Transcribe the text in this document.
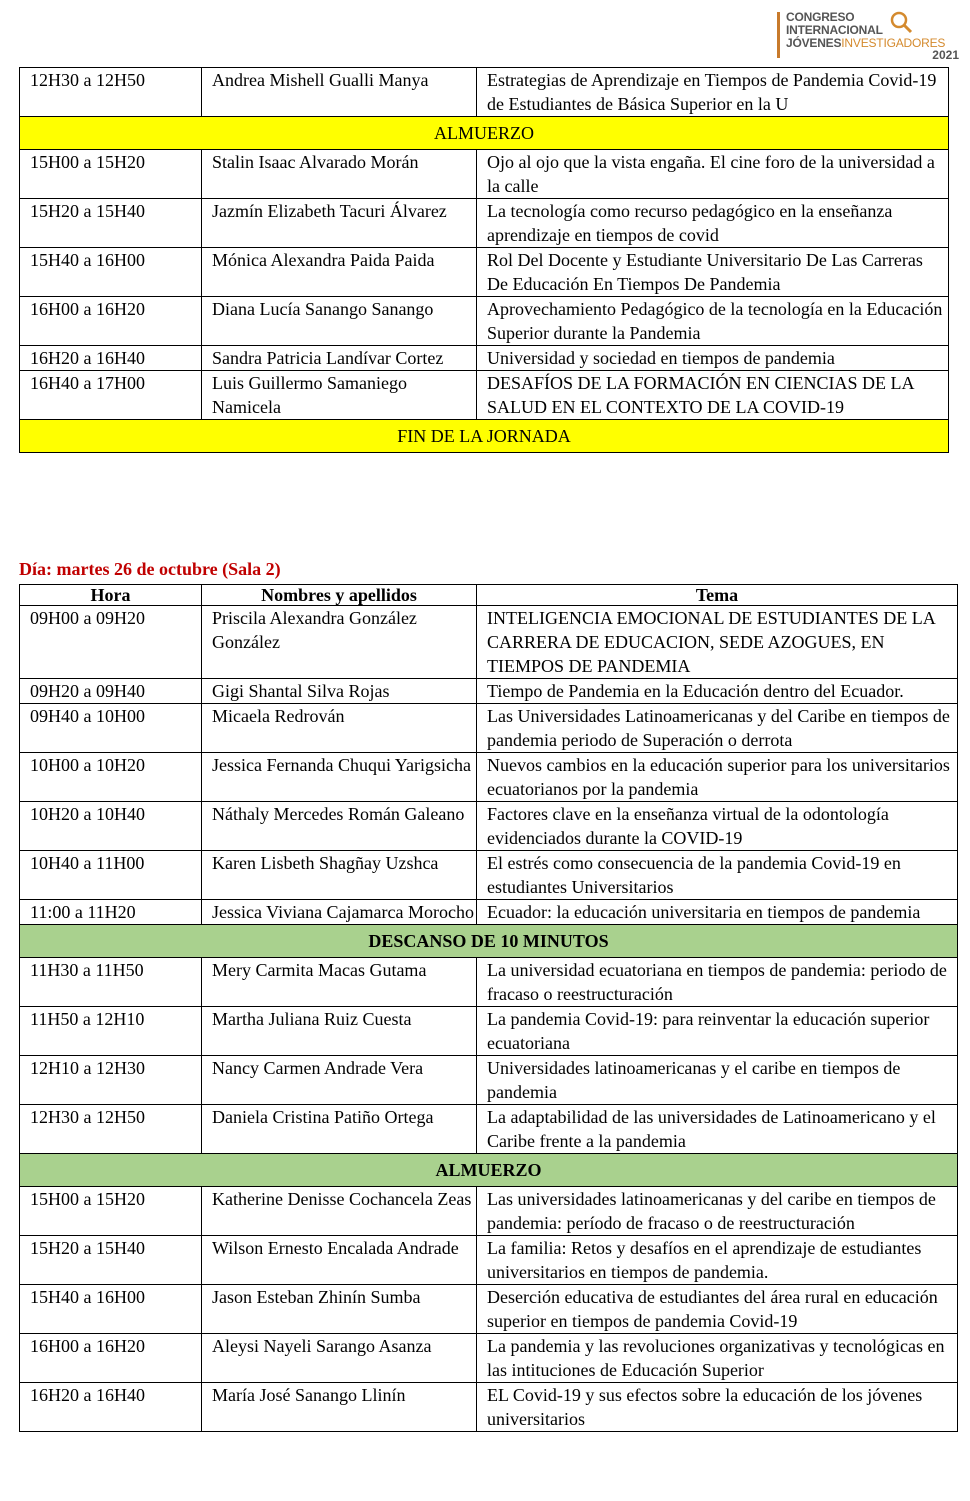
CONGRESO
INTERNACIONAL
JÓVENESINVESTIGADORES
2021
12H30 a 12H50	Andrea Mishell Gualli Manya	Estrategias de Aprendizaje en Tiempos de Pandemia Covid-19 de Estudiantes de Básica Superior en la U
ALMUERZO		
15H00 a 15H20	Stalin Isaac Alvarado Morán	Ojo al ojo que la vista engaña. El cine foro de la universidad a la calle
15H20 a 15H40	Jazmín Elizabeth Tacuri Álvarez	La tecnología como recurso pedagógico en la enseñanza aprendizaje en tiempos de covid
15H40 a 16H00	Mónica Alexandra Paida Paida	Rol Del Docente y Estudiante Universitario De Las Carreras De Educación En Tiempos De Pandemia
16H00 a 16H20	Diana Lucía Sanango Sanango	Aprovechamiento Pedagógico de la tecnología en la Educación Superior durante la Pandemia
16H20 a 16H40	Sandra Patricia Landívar Cortez	Universidad y sociedad en tiempos de pandemia
16H40 a 17H00	Luis Guillermo Samaniego Namicela	DESAFÍOS DE LA FORMACIÓN EN CIENCIAS DE LA SALUD EN EL CONTEXTO DE LA COVID-19
FIN DE LA JORNADA		
Día: martes 26 de octubre (Sala 2)
Hora	Nombres y apellidos	Tema
09H00 a 09H20	Priscila Alexandra González González	INTELIGENCIA EMOCIONAL DE ESTUDIANTES DE LA CARRERA DE EDUCACION, SEDE AZOGUES, EN TIEMPOS DE PANDEMIA
09H20 a 09H40	Gigi Shantal Silva Rojas	Tiempo de Pandemia en la Educación dentro del Ecuador.
09H40 a 10H00	Micaela Redrován	Las Universidades Latinoamericanas y del Caribe en tiempos de pandemia periodo de Superación o derrota
10H00 a 10H20	Jessica Fernanda Chuqui Yarigsicha	Nuevos cambios en la educación superior para los universitarios ecuatorianos por la pandemia
10H20 a 10H40	Náthaly Mercedes Román Galeano	Factores clave en la enseñanza virtual de la odontología evidenciados durante la COVID-19
10H40 a 11H00	Karen Lisbeth Shagñay Uzshca	El estrés como consecuencia de la pandemia Covid-19 en estudiantes Universitarios
11:00 a 11H20	Jessica Viviana Cajamarca Morocho	Ecuador: la educación universitaria en tiempos de pandemia
DESCANSO DE 10 MINUTOS		
11H30 a 11H50	Mery Carmita Macas Gutama	La universidad ecuatoriana en tiempos de pandemia: periodo de fracaso o reestructuración
11H50 a 12H10	Martha Juliana Ruiz Cuesta	La pandemia Covid-19: para reinventar la educación superior ecuatoriana
12H10 a 12H30	Nancy Carmen Andrade Vera	Universidades latinoamericanas y el caribe en tiempos de pandemia
12H30 a 12H50	Daniela Cristina Patiño Ortega	La adaptabilidad de las universidades de Latinoamericano y el Caribe frente a la pandemia
ALMUERZO		
15H00 a 15H20	Katherine Denisse Cochancela Zeas	Las universidades latinoamericanas y del caribe en tiempos de pandemia: período de fracaso o de reestructuración
15H20 a 15H40	Wilson Ernesto Encalada Andrade	La familia: Retos y desafíos en el aprendizaje de estudiantes universitarios en tiempos de pandemia.
15H40 a 16H00	Jason Esteban Zhinín Sumba	Deserción educativa de estudiantes del área rural en educación superior en tiempos de pandemia Covid-19
16H00 a 16H20	Aleysi Nayeli Sarango Asanza	La pandemia y las revoluciones organizativas y tecnológicas en las intituciones de Educación Superior
16H20 a 16H40	María José Sanango Llinín	EL Covid-19 y sus efectos sobre la educación de los jóvenes universitarios
